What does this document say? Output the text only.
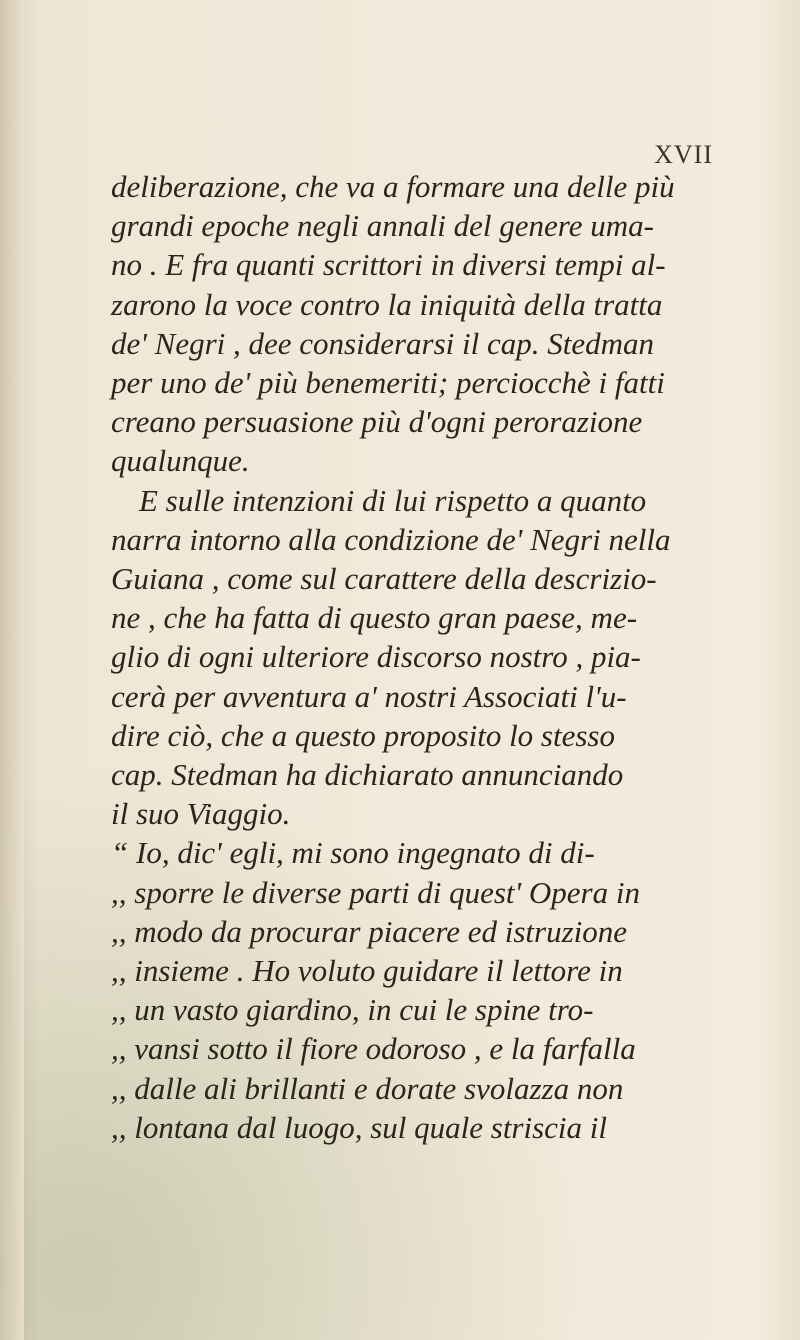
XVII
deliberazione, che va a formare una delle più
grandi epoche negli annali del genere uma-
no . E fra quanti scrittori in diversi tempi al-
zarono la voce contro la iniquità della tratta
de' Negri , dee considerarsi il cap. Stedman
per uno de' più benemeriti; perciocchè i fatti
creano persuasione più d'ogni perorazione
qualunque.
E sulle intenzioni di lui rispetto a quanto
narra intorno alla condizione de' Negri nella
Guiana , come sul carattere della descrizio-
ne , che ha fatta di questo gran paese, me-
glio di ogni ulteriore discorso nostro , pia-
cerà per avventura a' nostri Associati l'u-
dire ciò, che a questo proposito lo stesso
cap. Stedman ha dichiarato annunciando
il suo Viaggio.
“ Io, dic' egli, mi sono ingegnato di di-
,, sporre le diverse parti di quest' Opera in
,, modo da procurar piacere ed istruzione
,, insieme . Ho voluto guidare il lettore in
,, un vasto giardino, in cui le spine tro-
,, vansi sotto il fiore odoroso , e la farfalla
,, dalle ali brillanti e dorate svolazza non
,, lontana dal luogo, sul quale striscia il
